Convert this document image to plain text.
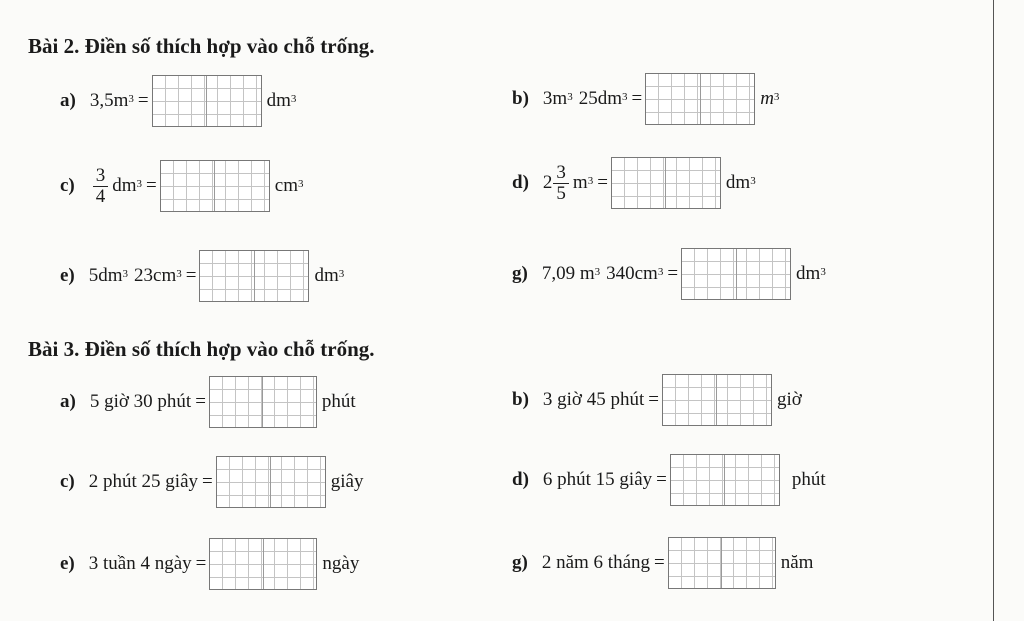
Bài 2. Điền số thích hợp vào chỗ trống.
a) $3,5m^3$ =	$dm^3$	b) $3m^3$ $25dm^3$ =	$m^3$
$c) \frac{3}{4} dm^3$ =	$cm^3$	d) $2 \frac{3}{5} m^3$ =	$dm^3$
e) $5dm^3$ $23cm^3$ =	$dm^3$	g) 7,09 $m^3$ $340cm^3$ =	$dm^3$
Bài 3. Điền số thích hợp vào chỗ trống.
a) 5 giờ 30 phút =	phút	b) 3 giờ 45 phút =	giờ
c) 2 phút 25 giây =	giây	d) 6 phút 15 giây =	phút
e) 3 tuần 4 ngày =	ngày	g) 2 năm 6 tháng =	năm
